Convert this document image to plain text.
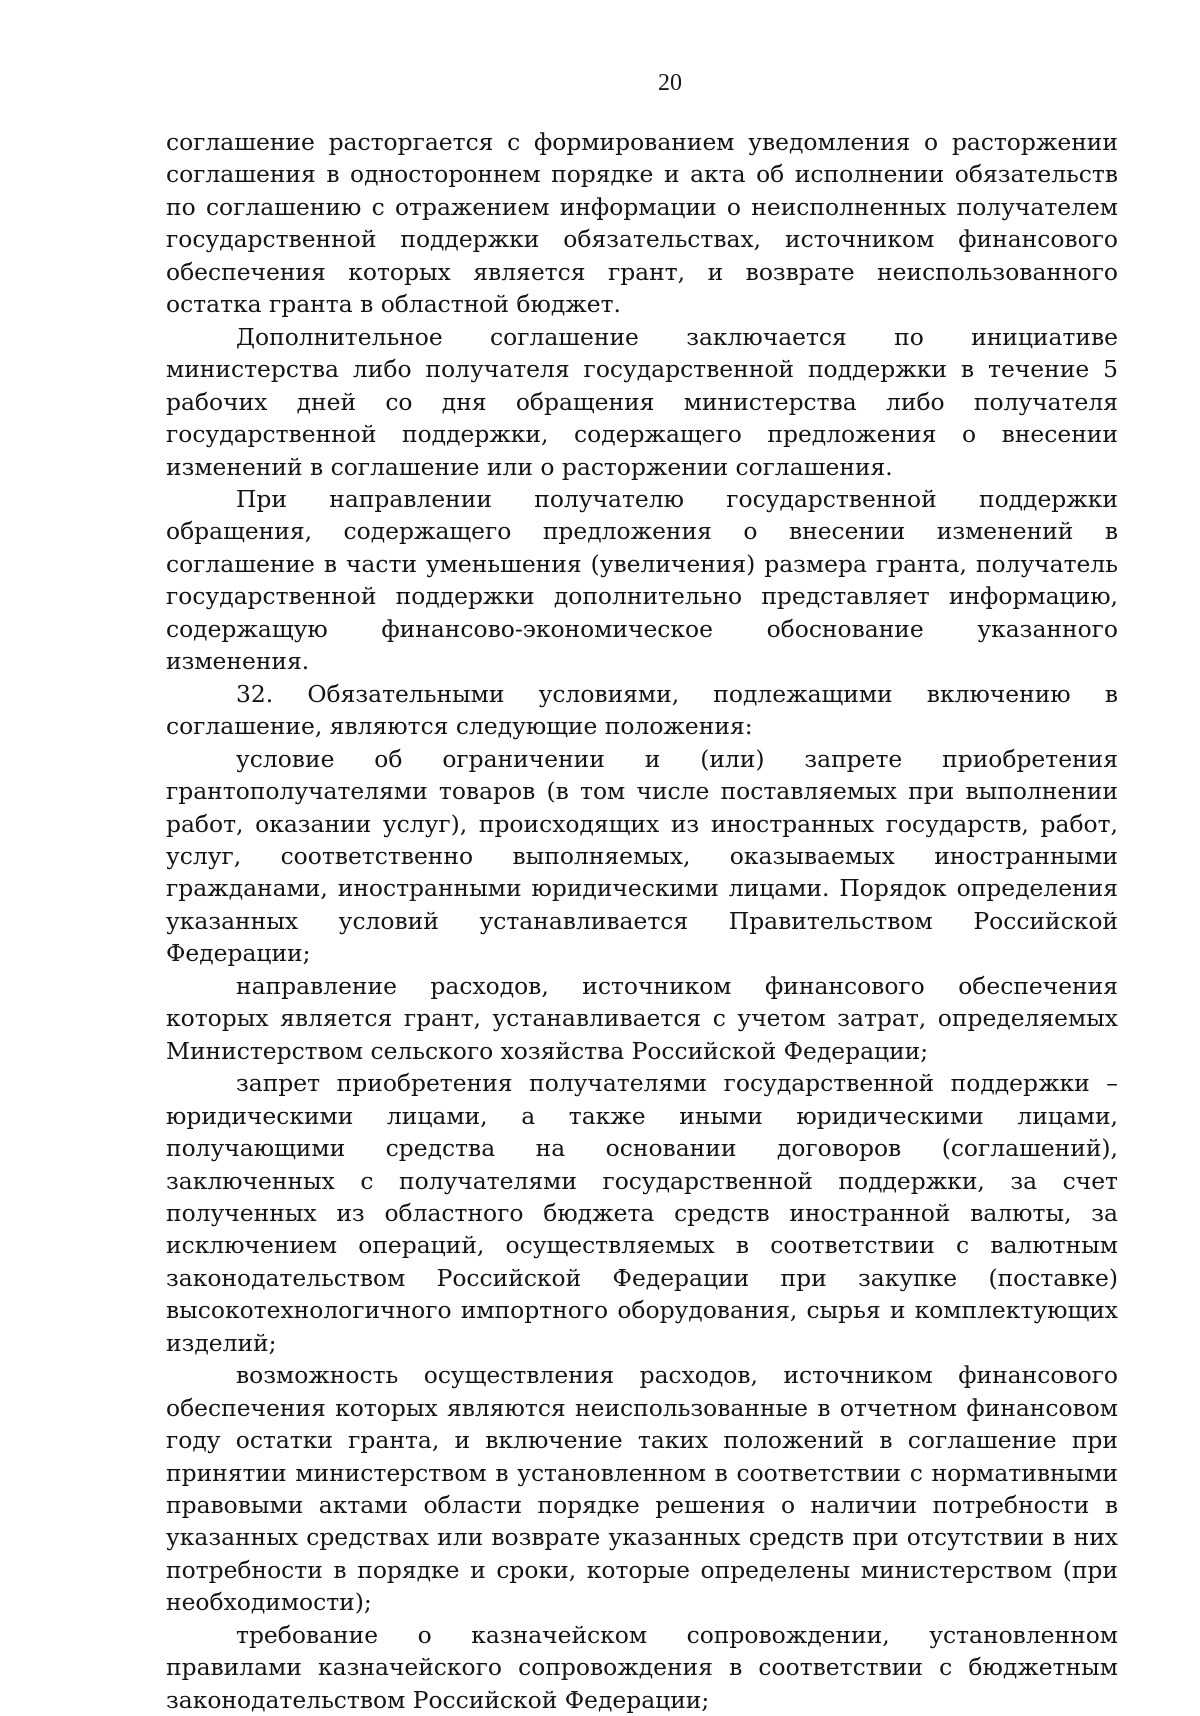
20

соглашение расторгается с формированием уведомления о расторжении соглашения в одностороннем порядке и акта об исполнении обязательств по соглашению с отражением информации о неисполненных получателем государственной поддержки обязательствах, источником финансового обеспечения которых является грант, и возврате неиспользованного остатка гранта в областной бюджет.

Дополнительное соглашение заключается по инициативе министерства либо получателя государственной поддержки в течение 5 рабочих дней со дня обращения министерства либо получателя государственной поддержки, содержащего предложения о внесении изменений в соглашение или о расторжении соглашения.

При направлении получателю государственной поддержки обращения, содержащего предложения о внесении изменений в соглашение в части уменьшения (увеличения) размера гранта, получатель государственной поддержки дополнительно представляет информацию, содержащую финансово-экономическое обоснование указанного изменения.

32. Обязательными условиями, подлежащими включению в соглашение, являются следующие положения:

условие об ограничении и (или) запрете приобретения грантополучателями товаров (в том числе поставляемых при выполнении работ, оказании услуг), происходящих из иностранных государств, работ, услуг, соответственно выполняемых, оказываемых иностранными гражданами, иностранными юридическими лицами. Порядок определения указанных условий устанавливается Правительством Российской Федерации;

направление расходов, источником финансового обеспечения которых является грант, устанавливается с учетом затрат, определяемых Министерством сельского хозяйства Российской Федерации;

запрет приобретения получателями государственной поддержки – юридическими лицами, а также иными юридическими лицами, получающими средства на основании договоров (соглашений), заключенных с получателями государственной поддержки, за счет полученных из областного бюджета средств иностранной валюты, за исключением операций, осуществляемых в соответствии с валютным законодательством Российской Федерации при закупке (поставке) высокотехнологичного импортного оборудования, сырья и комплектующих изделий;

возможность осуществления расходов, источником финансового обеспечения которых являются неиспользованные в отчетном финансовом году остатки гранта, и включение таких положений в соглашение при принятии министерством в установленном в соответствии с нормативными правовыми актами области порядке решения о наличии потребности в указанных средствах или возврате указанных средств при отсутствии в них потребности в порядке и сроки, которые определены министерством (при необходимости);

требование о казначейском сопровождении, установленном правилами казначейского сопровождения в соответствии с бюджетным законодательством Российской Федерации;
